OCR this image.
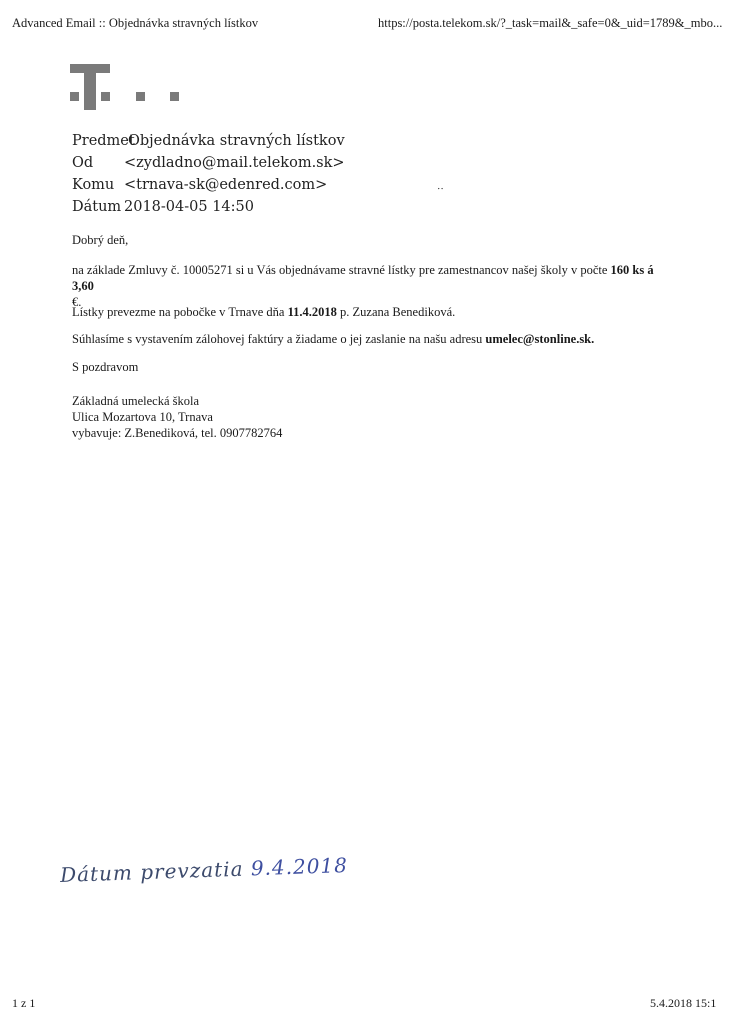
Advanced Email :: Objednávka stravných lístkov	https://posta.telekom.sk/?_task=mail&_safe=0&_uid=1789&_mbo...
Predmet
Objednávka stravných lístkov
Od <zydladno@mail.telekom.sk>
Komu <trnava-sk@edenred.com>
Dátum 2018-04-05 14:50
⋅⋅
Dobrý deň,
na základe Zmluvy č. 10005271 si u Vás objednávame stravné lístky pre zamestnancov našej školy v počte 160 ks á 3,60
€.
Lístky prevezme na pobočke v Trnave dňa 11.4.2018 p. Zuzana Benediková.
Súhlasíme s vystavením zálohovej faktúry a žiadame o jej zaslanie na našu adresu umelec@stonline.sk.
S pozdravom
Základná umelecká škola
Ulica Mozartova 10, Trnava
vybavuje: Z.Benediková, tel. 0907782764
Dátum prevzatia 9.4.2018
1 z 1	5.4.2018 15:1
